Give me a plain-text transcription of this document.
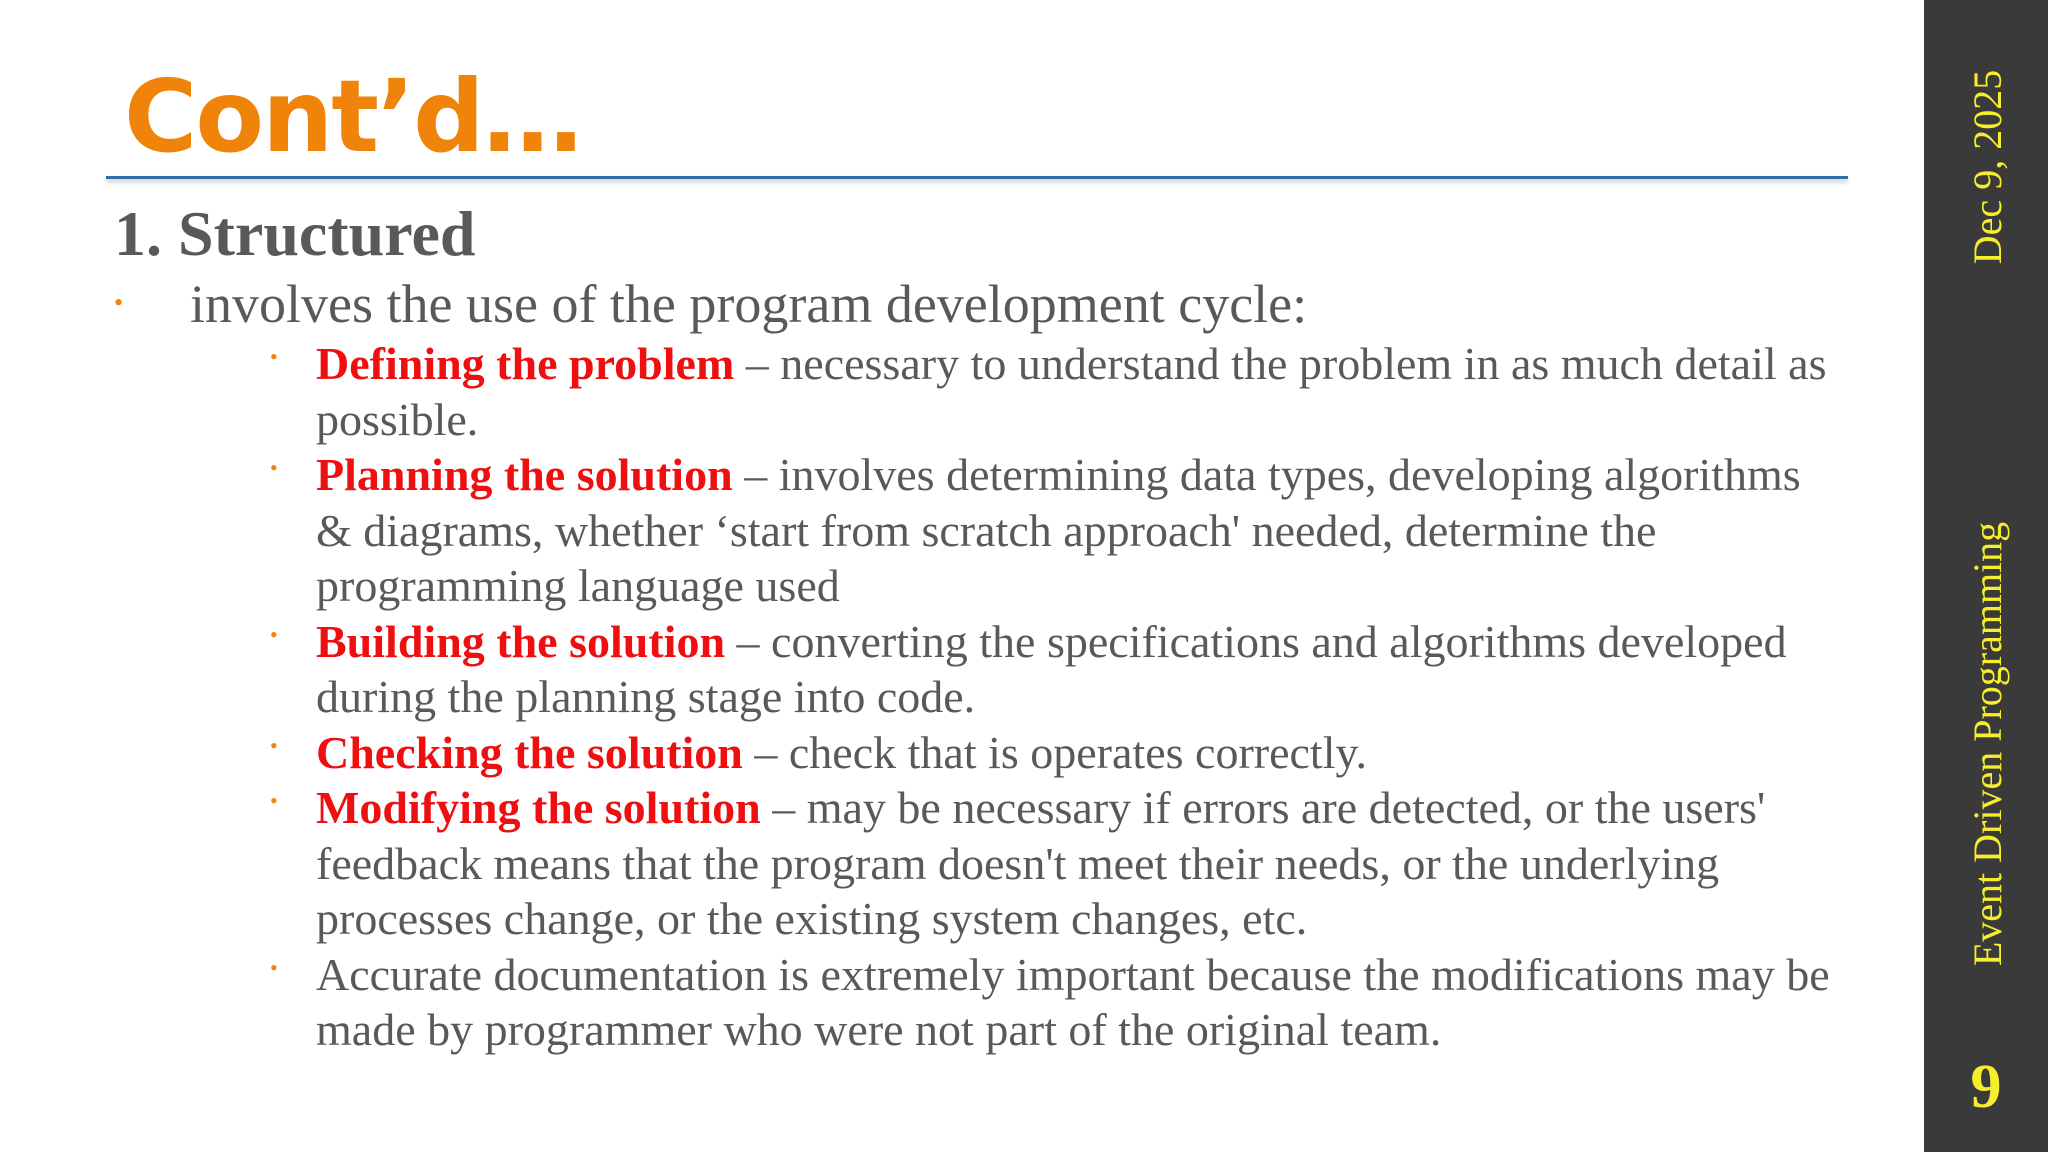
Cont’d…
1. Structured
• involves the use of the program development cycle:
• Defining the problem – necessary to understand the problem in as much detail as possible.
• Planning the solution – involves determining data types, developing algorithms & diagrams, whether ‘start from scratch approach' needed, determine the programming language used
• Building the solution – converting the specifications and algorithms developed during the planning stage into code.
• Checking the solution – check that is operates correctly.
• Modifying the solution – may be necessary if errors are detected, or the users' feedback means that the program doesn't meet their needs, or the underlying processes change, or the existing system changes, etc.
• Accurate documentation is extremely important because the modifications may be made by programmer who were not part of the original team.
Dec 9, 2025
Event Driven Programming
9
